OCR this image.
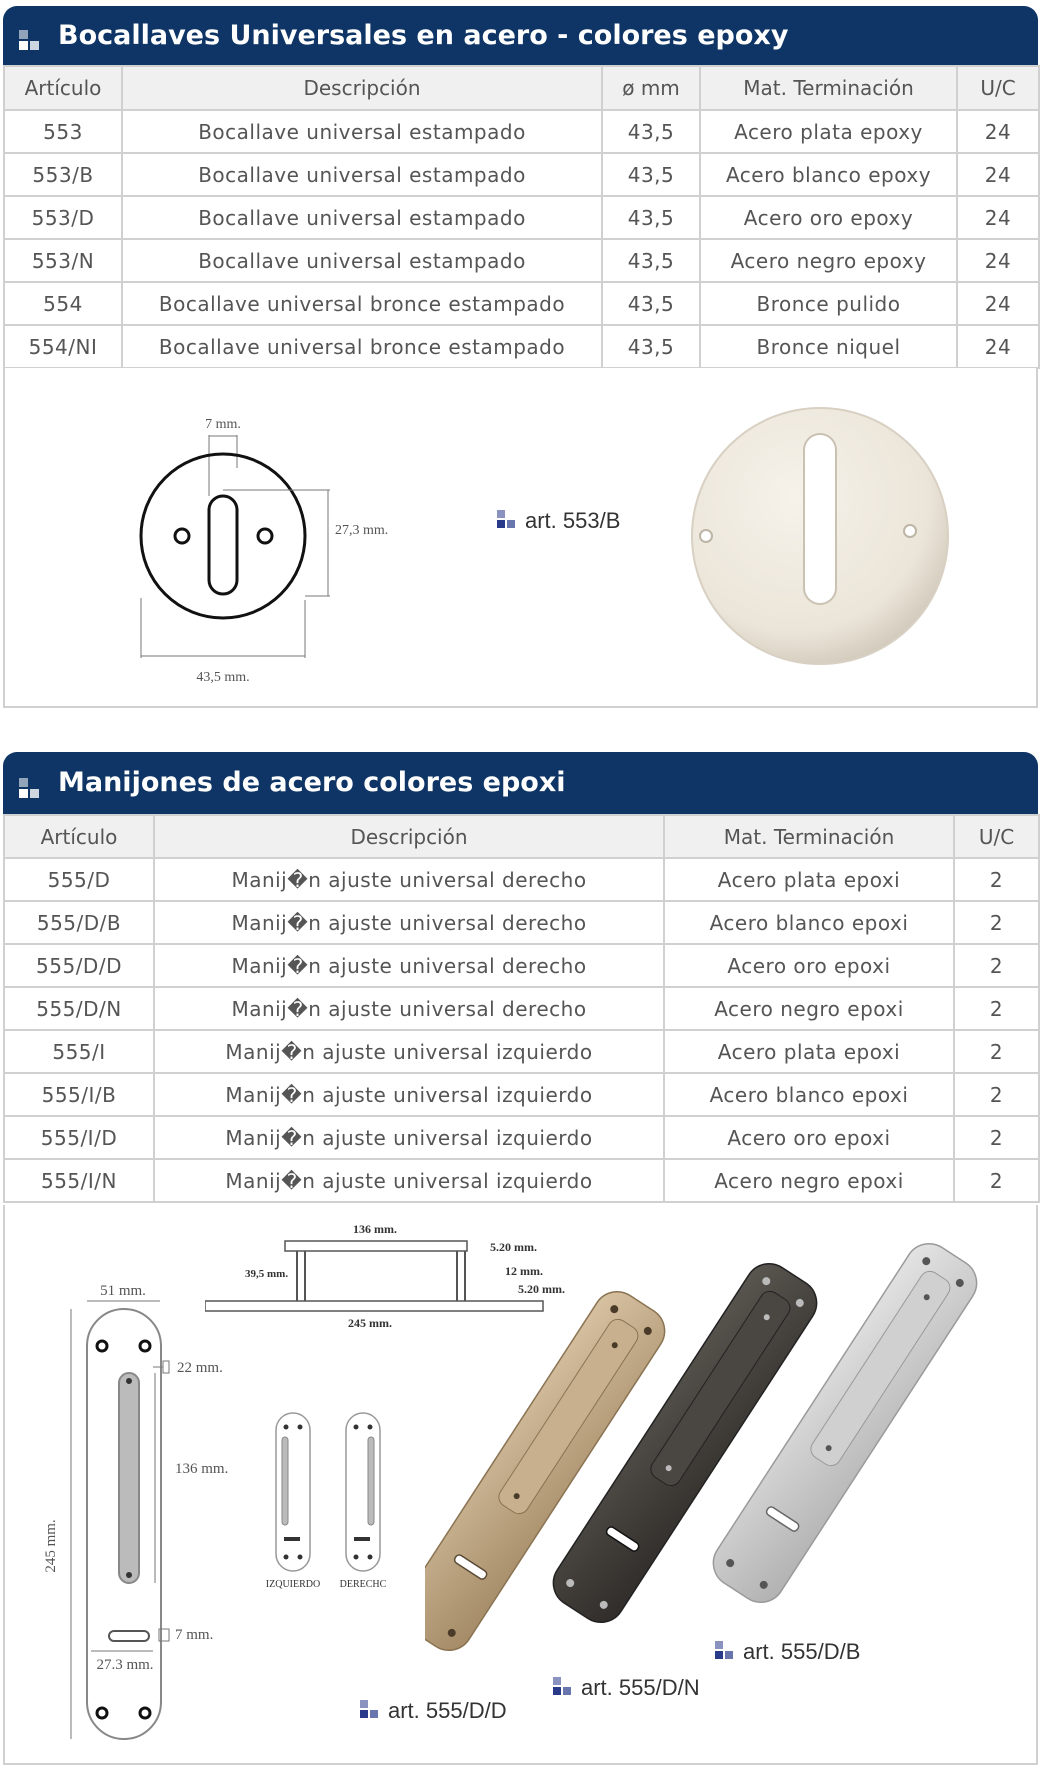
Bocallaves Universales en acero - colores epoxy
Artículo	Descripción	ø mm	Mat. Terminación	U/C
553	Bocallave universal estampado	43,5	Acero plata epoxy	24
553/B	Bocallave universal estampado	43,5	Acero blanco epoxy	24
553/D	Bocallave universal estampado	43,5	Acero oro epoxy	24
553/N	Bocallave universal estampado	43,5	Acero negro epoxy	24
554	Bocallave universal bronce estampado	43,5	Bronce pulido	24
554/NI	Bocallave universal bronce estampado	43,5	Bronce niquel	24
7 mm.
27,3 mm.
43,5 mm.
art. 553/B
Manijones de acero colores epoxi
Artículo	Descripción	Mat. Terminación	U/C
555/D	Manij�n ajuste universal derecho	Acero plata epoxi	2
555/D/B	Manij�n ajuste universal derecho	Acero blanco epoxi	2
555/D/D	Manij�n ajuste universal derecho	Acero oro epoxi	2
555/D/N	Manij�n ajuste universal derecho	Acero negro epoxi	2
555/I	Manij�n ajuste universal izquierdo	Acero plata epoxi	2
555/I/B	Manij�n ajuste universal izquierdo	Acero blanco epoxi	2
555/I/D	Manij�n ajuste universal izquierdo	Acero oro epoxi	2
555/I/N	Manij�n ajuste universal izquierdo	Acero negro epoxi	2
51 mm.
245 mm.
22 mm.
136 mm.
7 mm.
27.3 mm.
136 mm.
39,5 mm.
5.20 mm.
12 mm.
5.20 mm.
245 mm.
IZQUIERDO DERECHC
art. 555/D/D
art. 555/D/N
art. 555/D/B
